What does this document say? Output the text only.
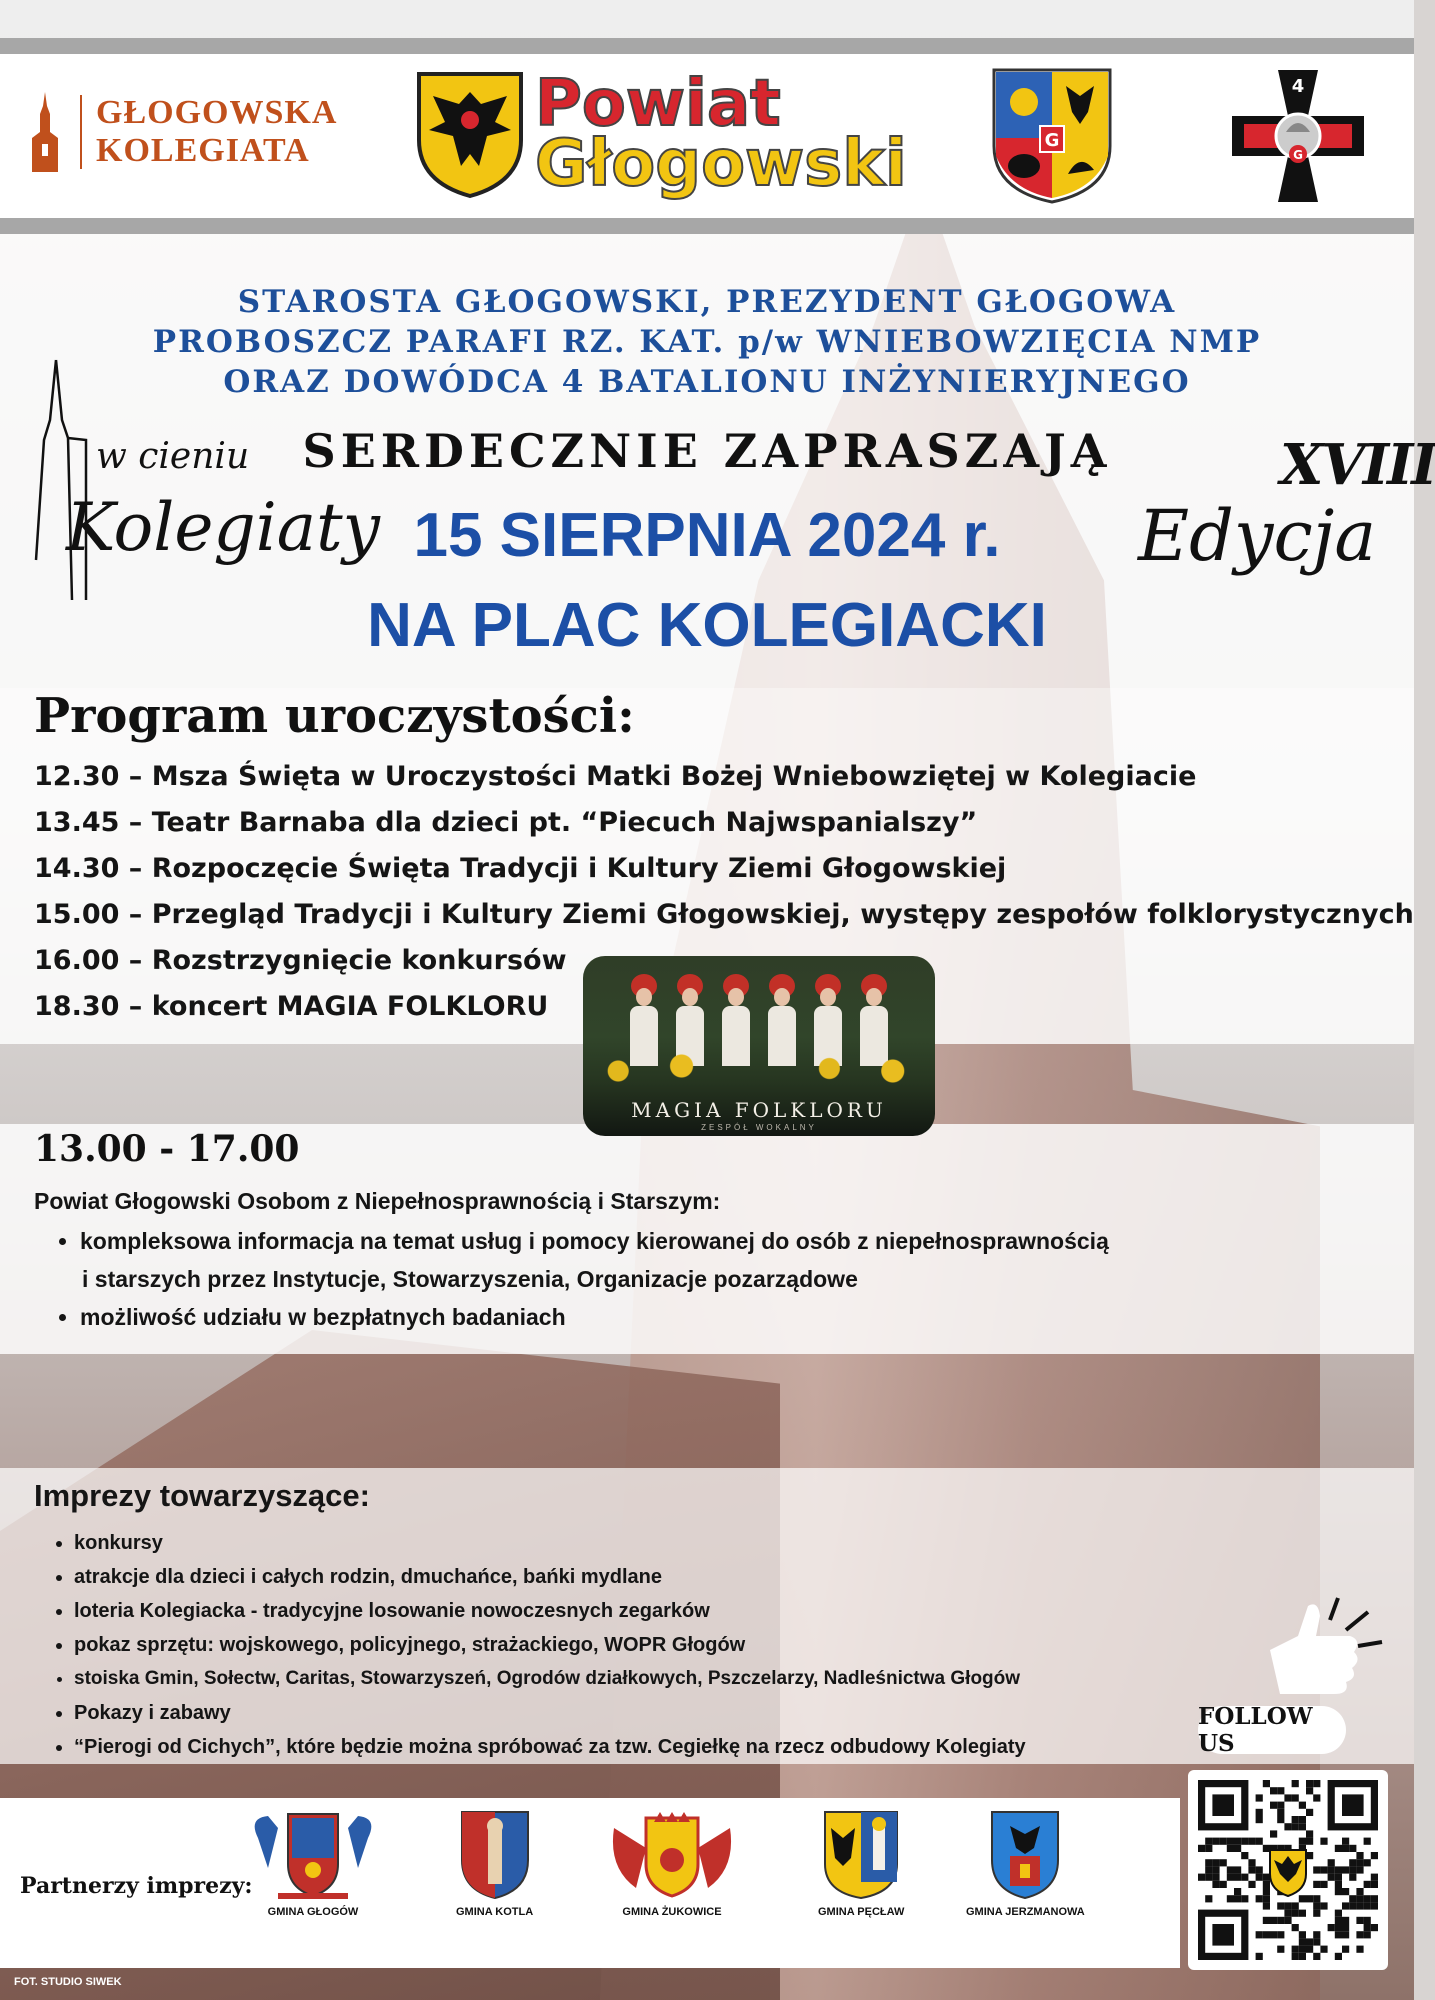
GŁOGOWSKA
KOLEGIATA
Powiat
Głogowski	G
4
G
STAROSTA GŁOGOWSKI, PREZYDENT GŁOGOWA
PROBOSZCZ PARAFI RZ. KAT. p/w WNIEBOWZIĘCIA NMP
ORAZ DOWÓDCA 4 BATALIONU INŻYNIERYJNEGO
w cieniu
Kolegiaty
SERDECZNIE ZAPRASZAJĄ
15 SIERPNIA 2024 r.
NA PLAC KOLEGIACKI
XVIII
Edycja
Program uroczystości:
12.30 – Msza Święta w Uroczystości Matki Bożej Wniebowziętej w Kolegiacie
13.45 – Teatr Barnaba dla dzieci pt. “Piecuch Najwspanialszy”
14.30 – Rozpoczęcie Święta Tradycji i Kultury Ziemi Głogowskiej
15.00 – Przegląd Tradycji i Kultury Ziemi Głogowskiej, występy zespołów folklorystycznych
16.00 – Rozstrzygnięcie konkursów
18.30 – koncert MAGIA FOLKLORU
MAGIA FOLKLORU
ZESPÓŁ WOKALNY
13.00 - 17.00
Powiat Głogowski Osobom z Niepełnosprawnością i Starszym:
• kompleksowa informacja na temat usług i pomocy kierowanej do osób z niepełnosprawnością
i starszych przez Instytucje, Stowarzyszenia, Organizacje pozarządowe
• możliwość udziału w bezpłatnych badaniach
Imprezy towarzyszące:
• konkursy
• atrakcje dla dzieci i całych rodzin, dmuchańce, bańki mydlane
• loteria Kolegiacka - tradycyjne losowanie nowoczesnych zegarków
• pokaz sprzętu: wojskowego, policyjnego, strażackiego, WOPR Głogów
• stoiska Gmin, Sołectw, Caritas, Stowarzyszeń, Ogrodów działkowych, Pszczelarzy, Nadleśnictwa Głogów
• Pokazy i zabawy
• “Pierogi od Cichych”, które będzie można spróbować za tzw. Cegiełkę na rzecz odbudowy Kolegiaty
FOLLOW US
Partnerzy imprezy:
GMINA GŁOGÓW	GMINA KOTLA	GMINA ŻUKOWICE	GMINA PĘCŁAW	GMINA JERZMANOWA
FOT. STUDIO SIWEK
